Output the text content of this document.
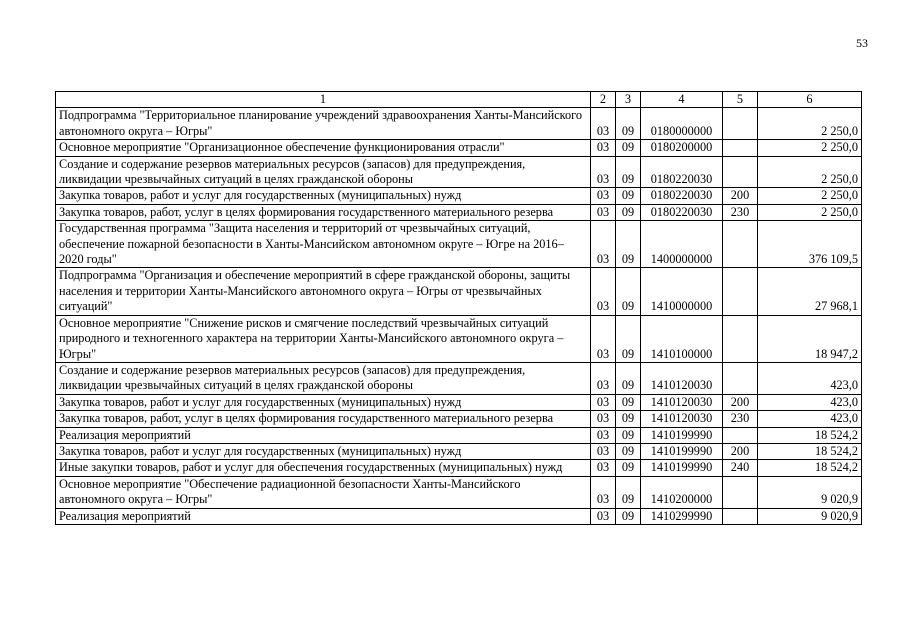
53
1	2	3	4	5	6
Подпрограмма "Территориальное планирование учреждений здравоохранения Ханты-Мансийского автономного округа – Югры"	03	09	0180000000		2 250,0
Основное мероприятие "Организационное обеспечение функционирования отрасли"	03	09	0180200000		2 250,0
Создание и содержание резервов материальных ресурсов (запасов) для предупреждения, ликвидации чрезвычайных ситуаций в целях гражданской обороны	03	09	0180220030		2 250,0
Закупка товаров, работ и услуг для государственных (муниципальных) нужд	03	09	0180220030	200	2 250,0
Закупка товаров, работ, услуг в целях формирования государственного материального резерва	03	09	0180220030	230	2 250,0
Государственная программа "Защита населения и территорий от чрезвычайных ситуаций, обеспечение пожарной безопасности в Ханты-Мансийском автономном округе – Югре на 2016–2020 годы"	03	09	1400000000		376 109,5
Подпрограмма "Организация и обеспечение мероприятий в сфере гражданской обороны, защиты населения и территории Ханты-Мансийского автономного округа – Югры от чрезвычайных ситуаций"	03	09	1410000000		27 968,1
Основное мероприятие "Снижение рисков и смягчение последствий чрезвычайных ситуаций природного и техногенного характера на территории Ханты-Мансийского автономного округа – Югры"	03	09	1410100000		18 947,2
Создание и содержание резервов материальных ресурсов (запасов) для предупреждения, ликвидации чрезвычайных ситуаций в целях гражданской обороны	03	09	1410120030		423,0
Закупка товаров, работ и услуг для государственных (муниципальных) нужд	03	09	1410120030	200	423,0
Закупка товаров, работ, услуг в целях формирования государственного материального резерва	03	09	1410120030	230	423,0
Реализация мероприятий	03	09	1410199990		18 524,2
Закупка товаров, работ и услуг для государственных (муниципальных) нужд	03	09	1410199990	200	18 524,2
Иные закупки товаров, работ и услуг для обеспечения государственных (муниципальных) нужд	03	09	1410199990	240	18 524,2
Основное мероприятие "Обеспечение радиационной безопасности Ханты-Мансийского автономного округа – Югры"	03	09	1410200000		9 020,9
Реализация мероприятий	03	09	1410299990		9 020,9
